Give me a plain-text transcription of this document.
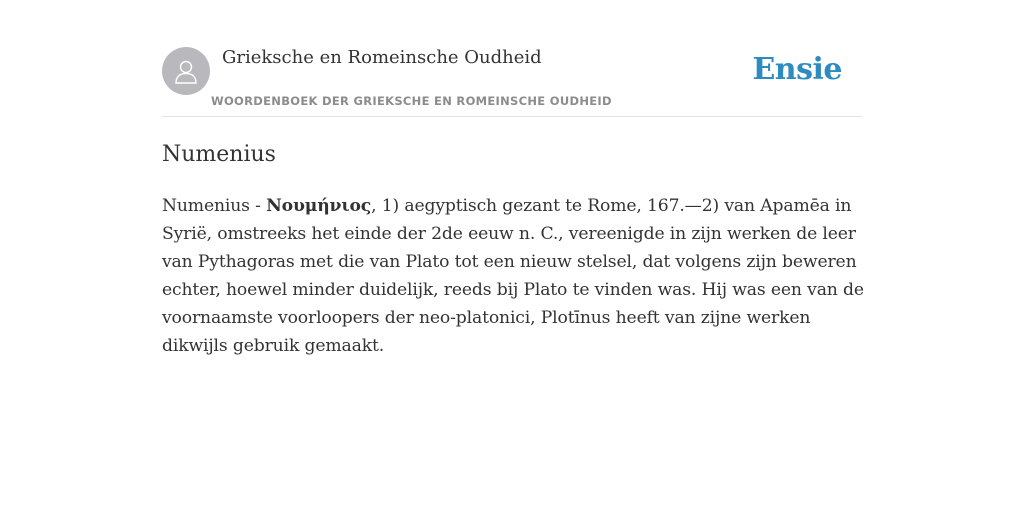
Grieksche en Romeinsche Oudheid
WOORDENBOEK DER GRIEKSCHE EN ROMEINSCHE OUDHEID
Ensie
Numenius

Numenius - Νουμήνιος, 1) aegyptisch gezant te Rome, 167.—2) van Apamēa in Syrië, omstreeks het einde der 2de eeuw n. C., vereenigde in zijn werken de leer van Pythagoras met die van Plato tot een nieuw stelsel, dat volgens zijn beweren echter, hoewel minder duidelijk, reeds bij Plato te vinden was. Hij was een van de voornaamste voorloopers der neo-platonici, Plotīnus heeft van zijne werken dikwijls gebruik gemaakt.
